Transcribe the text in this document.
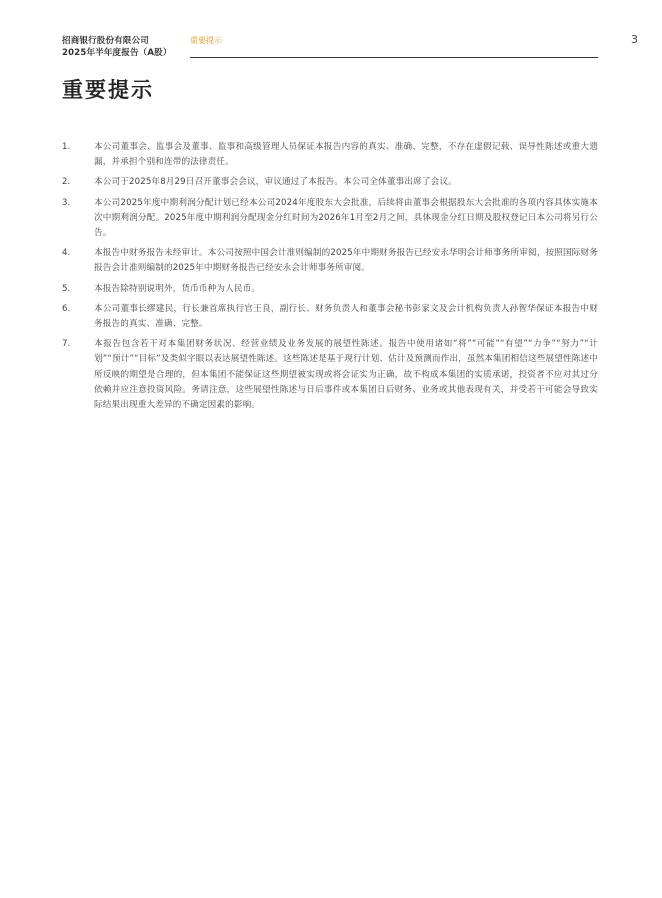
招商银行股份有限公司
2025年半年度报告（A股）
重要提示	3
重要提示
1.	本公司董事会、监事会及董事、监事和高级管理人员保证本报告内容的真实、准确、完整，不存在虚假记载、误导性陈述或重大遗漏，并承担个别和连带的法律责任。
2.	本公司于2025年8月29日召开董事会会议，审议通过了本报告。本公司全体董事出席了会议。
3.	本公司2025年度中期利润分配计划已经本公司2024年度股东大会批准，后续将由董事会根据股东大会批准的各项内容具体实施本次中期利润分配。2025年度中期利润分配现金分红时间为2026年1月至2月之间，具体现金分红日期及股权登记日本公司将另行公告。
4.	本报告中财务报告未经审计。本公司按照中国会计准则编制的2025年中期财务报告已经安永华明会计师事务所审阅，按照国际财务报告会计准则编制的2025年中期财务报告已经安永会计师事务所审阅。
5.	本报告除特别说明外，货币币种为人民币。
6.	本公司董事长缪建民，行长兼首席执行官王良，副行长、财务负责人和董事会秘书彭家文及会计机构负责人孙智华保证本报告中财务报告的真实、准确、完整。
7.	本报告包含若干对本集团财务状况、经营业绩及业务发展的展望性陈述。报告中使用诸如“将”“可能”“有望”“力争”“努力”“计划”“预计”“目标”及类似字眼以表达展望性陈述。这些陈述是基于现行计划、估计及预测而作出，虽然本集团相信这些展望性陈述中所反映的期望是合理的，但本集团不能保证这些期望被实现或将会证实为正确，故不构成本集团的实质承诺，投资者不应对其过分依赖并应注意投资风险。务请注意，这些展望性陈述与日后事件或本集团日后财务、业务或其他表现有关，并受若干可能会导致实际结果出现重大差异的不确定因素的影响。
